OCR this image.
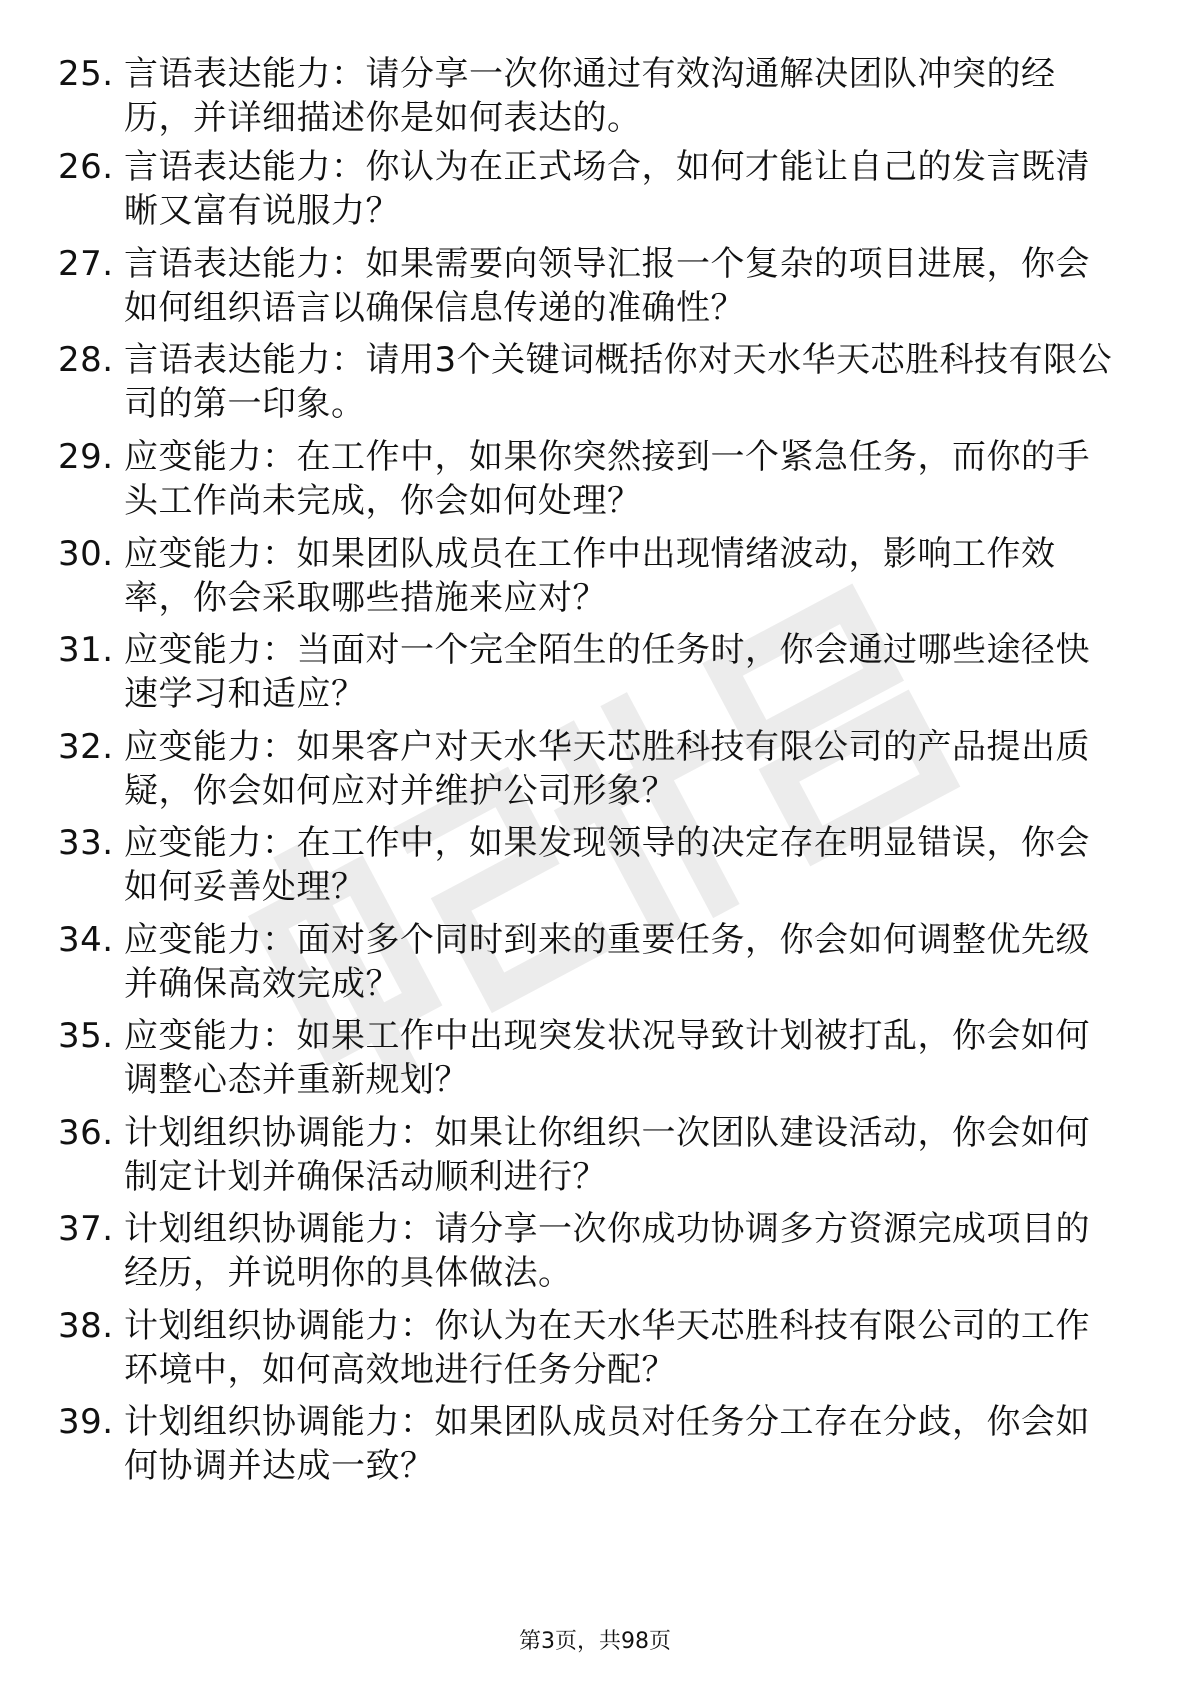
25. 言语表达能力：请分享一次你通过有效沟通解决团队冲突的经历，并详细描述你是如何表达的。
26. 言语表达能力：你认为在正式场合，如何才能让自己的发言既清晰又富有说服力？
27. 言语表达能力：如果需要向领导汇报一个复杂的项目进展，你会如何组织语言以确保信息传递的准确性？
28. 言语表达能力：请用3个关键词概括你对天水华天芯胜科技有限公司的第一印象。
29. 应变能力：在工作中，如果你突然接到一个紧急任务，而你的手头工作尚未完成，你会如何处理？
30. 应变能力：如果团队成员在工作中出现情绪波动，影响工作效率，你会采取哪些措施来应对？
31. 应变能力：当面对一个完全陌生的任务时，你会通过哪些途径快速学习和适应？
32. 应变能力：如果客户对天水华天芯胜科技有限公司的产品提出质疑，你会如何应对并维护公司形象？
33. 应变能力：在工作中，如果发现领导的决定存在明显错误，你会如何妥善处理？
34. 应变能力：面对多个同时到来的重要任务，你会如何调整优先级并确保高效完成？
35. 应变能力：如果工作中出现突发状况导致计划被打乱，你会如何调整心态并重新规划？
36. 计划组织协调能力：如果让你组织一次团队建设活动，你会如何制定计划并确保活动顺利进行？
37. 计划组织协调能力：请分享一次你成功协调多方资源完成项目的经历，并说明你的具体做法。
38. 计划组织协调能力：你认为在天水华天芯胜科技有限公司的工作环境中，如何高效地进行任务分配？
39. 计划组织协调能力：如果团队成员对任务分工存在分歧，你会如何协调并达成一致？
第3页，共98页
